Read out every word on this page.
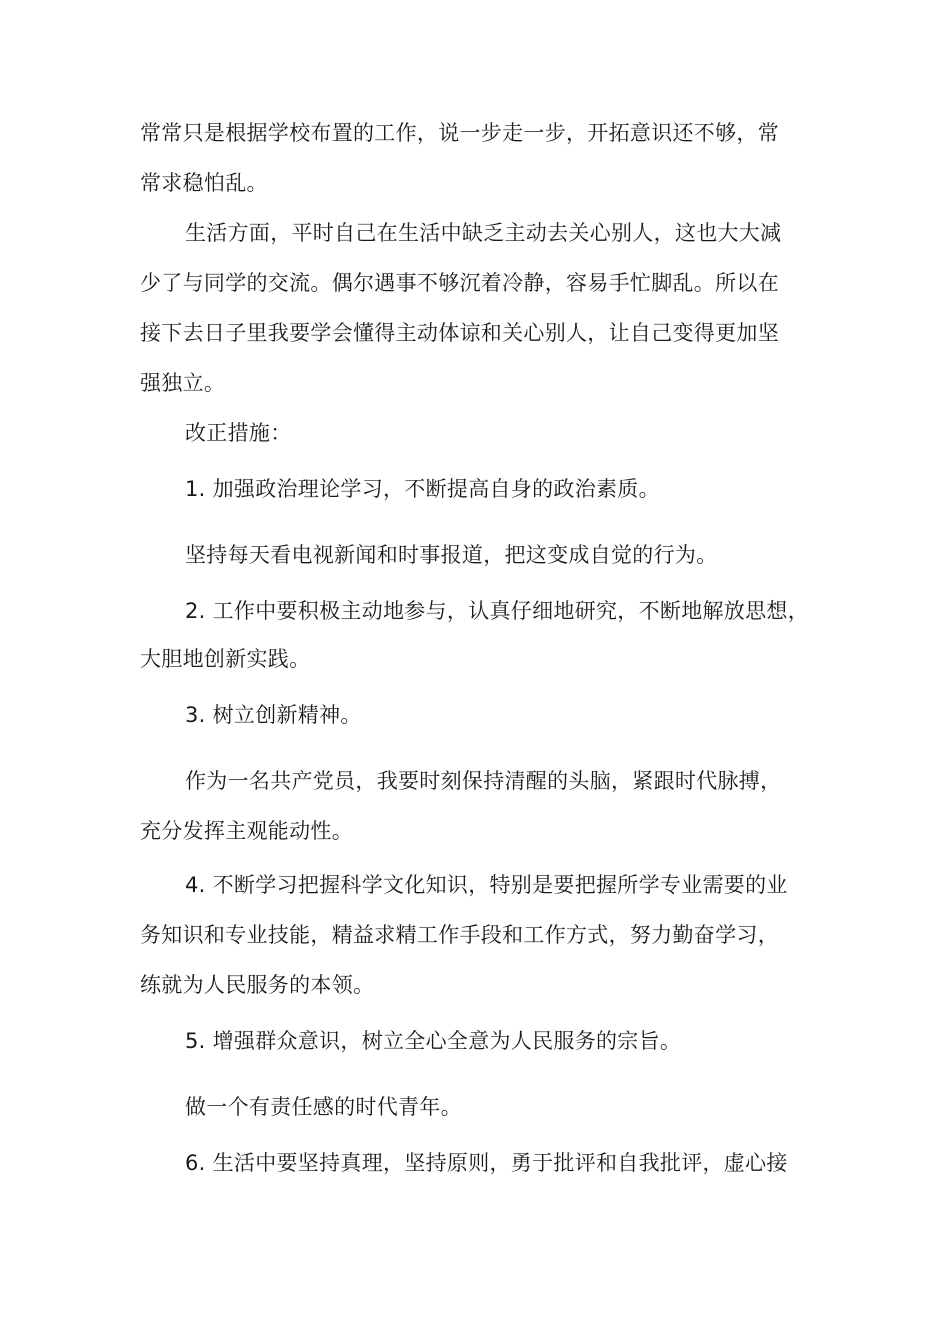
常常只是根据学校布置的工作，说一步走一步，开拓意识还不够，常
常求稳怕乱。
生活方面，平时自己在生活中缺乏主动去关心别人，这也大大减
少了与同学的交流。偶尔遇事不够沉着冷静，容易手忙脚乱。所以在
接下去日子里我要学会懂得主动体谅和关心别人，让自己变得更加坚
强独立。
改正措施：
1. 加强政治理论学习，不断提高自身的政治素质。
坚持每天看电视新闻和时事报道，把这变成自觉的行为。
2. 工作中要积极主动地参与，认真仔细地研究，不断地解放思想，
大胆地创新实践。
3. 树立创新精神。
作为一名共产党员，我要时刻保持清醒的头脑，紧跟时代脉搏，
充分发挥主观能动性。
4. 不断学习把握科学文化知识，特别是要把握所学专业需要的业
务知识和专业技能，精益求精工作手段和工作方式，努力勤奋学习，
练就为人民服务的本领。
5. 增强群众意识，树立全心全意为人民服务的宗旨。
做一个有责任感的时代青年。
6. 生活中要坚持真理，坚持原则，勇于批评和自我批评，虚心接
